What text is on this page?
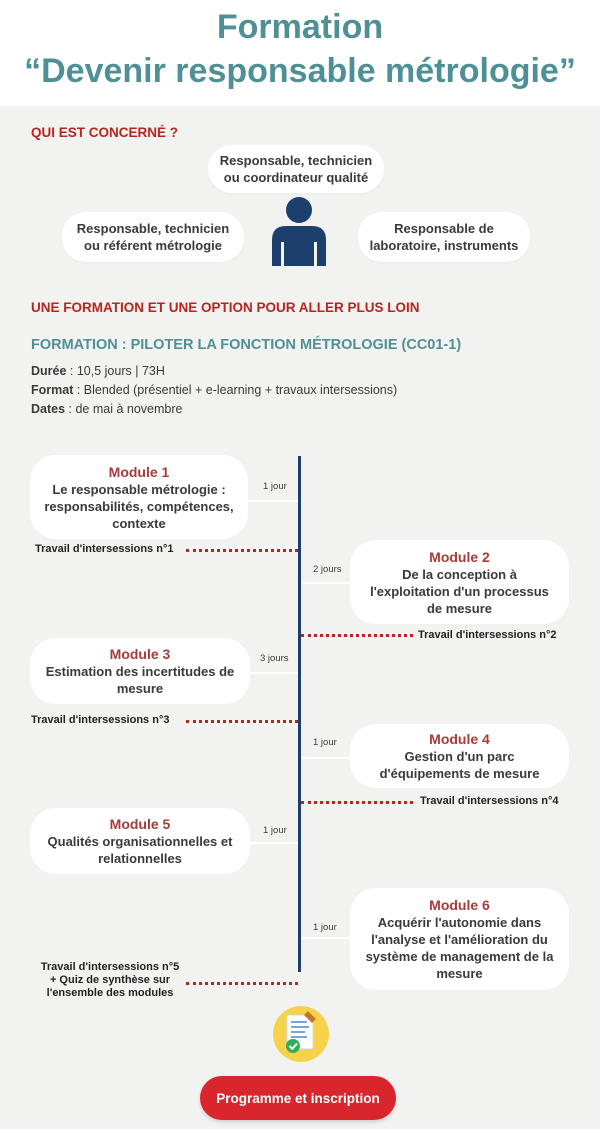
Formation
“Devenir responsable métrologie”
QUI EST CONCERNÉ ?
Responsable, technicien
ou coordinateur qualité
Responsable, technicien
ou référent métrologie
Responsable de
laboratoire, instruments
UNE FORMATION ET UNE OPTION POUR ALLER PLUS LOIN
FORMATION : PILOTER LA FONCTION MÉTROLOGIE (CC01-1)
Durée : 10,5 jours | 73H
Format : Blended (présentiel + e-learning + travaux intersessions)
Dates : de mai à novembre
Module 1
Le responsable métrologie :
responsabilités, compétences,
contexte
1 jour
Travail d'intersessions n°1	Module 2
De la conception à
l'exploitation d'un processus
de mesure
2 jours
Travail d'intersessions n°2
Module 3
Estimation des incertitudes de
mesure
3 jours
Travail d'intersessions n°3
Module 4
Gestion d'un parc
d'équipements de mesure
1 jour
Travail d'intersessions n°4
Module 5
Qualités organisationnelles et
relationnelles
1 jour
Module 6
Acquérir l'autonomie dans
l'analyse et l'amélioration du
système de management de la
mesure
1 jour
Travail d'intersessions n°5
+ Quiz de synthèse sur
l'ensemble des modules
Programme et inscription
